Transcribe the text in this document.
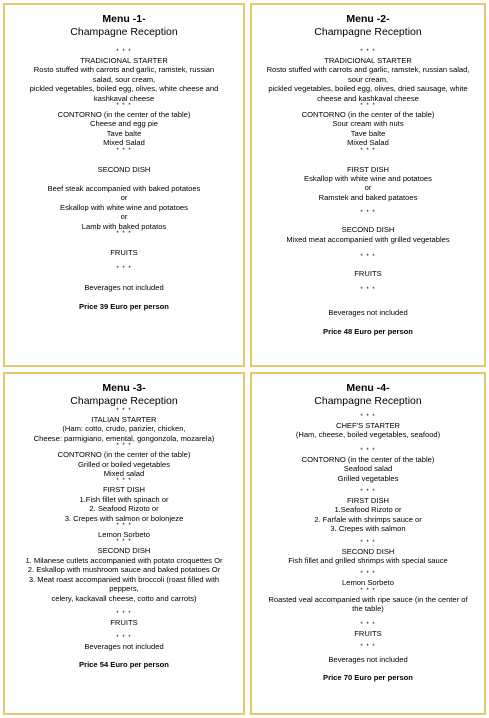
Menu -1-
Champagne Reception
* * *
TRADICIONAL STARTER
Rosto stuffed with carrots and garlic, ramstek, russian
salad, sour cream,
pickled vegetables, boiled egg, olives, white cheese and
kashkaval cheese
* * *
CONTORNO (in the center of the table)
Cheese and egg pie
Tave balte
Mixed Salad
* * *
SECOND DISH
Beef steak accompanied with baked potatoes
or
Eskallop with white wine and potatoes
or
Lamb with baked potatos
* * *
FRUITS
* * *
Beverages not included
Price 39 Euro per person
Menu -2-
Champagne Reception
* * *
TRADICIONAL STARTER
Rosto stuffed with carrots and garlic, ramstek, russian salad,
sour cream,
pickled vegetables, boiled egg, olives, dried sausage, white
cheese and kashkaval cheese
* * *
CONTORNO (in the center of the table)
Sour cream with nuts
Tave balte
Mixed Salad
* * *
FIRST DISH
Eskallop with white wine and potatoes
or
Ramstek and baked patatoes
* * *
SECOND DISH
Mixed meat accompanied with grilled vegetables
* * *
FRUITS
* * *
Beverages not included
Price 48 Euro per person
Menu -3-
Champagne Reception
* * *
ITALIAN STARTER
(Ham: cotto, crudo, parizier, chicken,
Cheese: parmigiano, emental, gongonzola, mozarela)
* * *
CONTORNO (in the center of the table)
Grilled or boiled vegetables
Mixed salad
* * *
FIRST DISH
1.Fish fillet with spinach or
2. Seafood Rizoto or
3. Crepes with salmon or bolonjeze
* * *
Lemon Sorbeto
* * *
SECOND DISH
1. Milanese cutlets accompanied with potato croquettes Or
2. Eskallop with mushroom sauce and baked potatoes Or
3. Meat roast accompanied with broccoli (roast filled with
peppers,
celery, kackavall cheese, cotto and carrots)
* * *
FRUITS
* * *
Beverages not included
Price 54 Euro per person
Menu -4-
Champagne Reception
* * *
CHEF'S STARTER
(Ham, cheese, boiled vegetables, seafood)
* * *
CONTORNO (in the center of the table)
Seafood salad
Grilled vegetables
* * *
FIRST DISH
1.Seafood Rizoto or
2. Farfale with shrimps sauce or
3. Crepes with salmon
* * *
SECOND DISH
Fish fillet and grilled shrimps with special sauce
* * *
Lemon Sorbeto
* * *
Roasted veal accompanied with ripe sauce (in the center of
the table)
* * *
FRUITS
* * *
Beverages not included
Price 70 Euro per person
